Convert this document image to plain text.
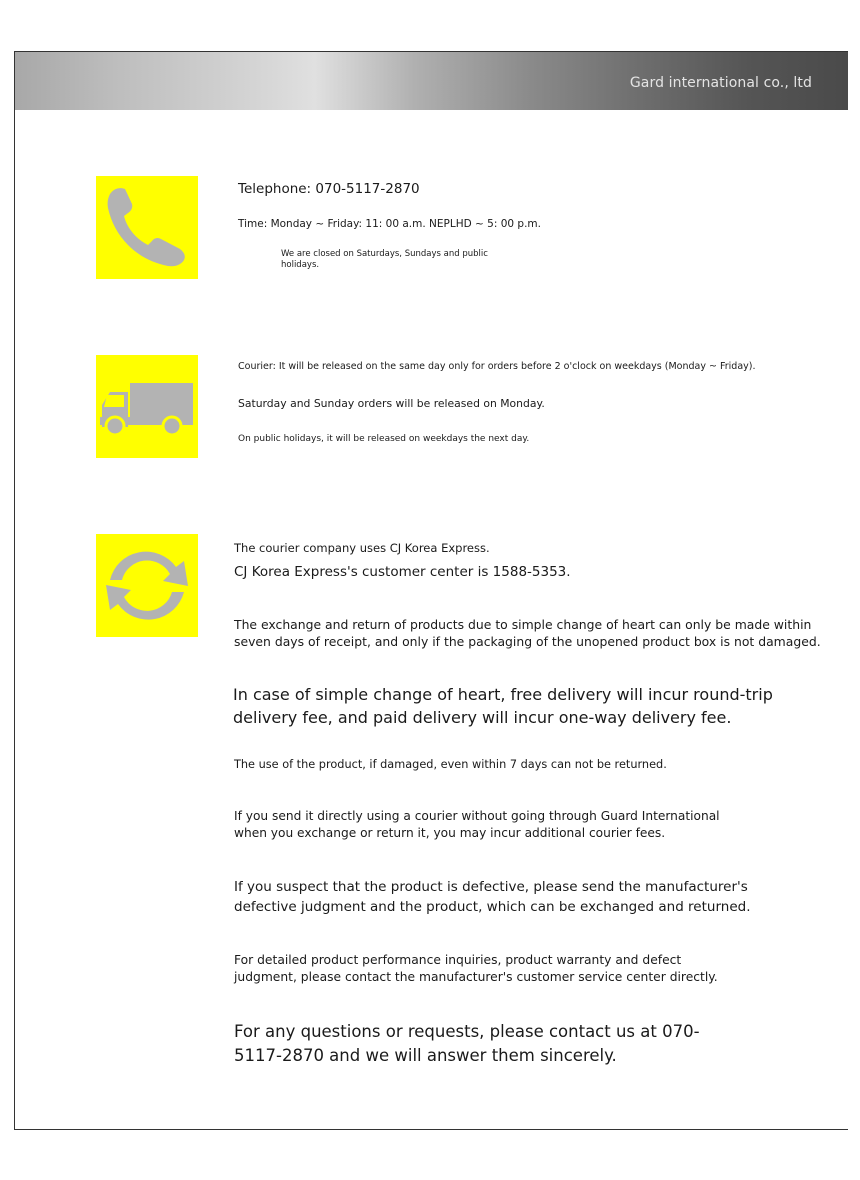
Gard international co., ltd

Telephone: 070-5117-2870

Time: Monday ~ Friday: 11: 00 a.m. NEPLHD ~ 5: 00 p.m.

We are closed on Saturdays, Sundays and public holidays.

Courier: It will be released on the same day only for orders before 2 o'clock on weekdays (Monday ~ Friday).

Saturday and Sunday orders will be released on Monday.

On public holidays, it will be released on weekdays the next day.

The courier company uses CJ Korea Express.

CJ Korea Express's customer center is 1588-5353.

The exchange and return of products due to simple change of heart can only be made within seven days of receipt, and only if the packaging of the unopened product box is not damaged.

In case of simple change of heart, free delivery will incur round-trip delivery fee, and paid delivery will incur one-way delivery fee.

The use of the product, if damaged, even within 7 days can not be returned.

If you send it directly using a courier without going through Guard International when you exchange or return it, you may incur additional courier fees.

If you suspect that the product is defective, please send the manufacturer's defective judgment and the product, which can be exchanged and returned.

For detailed product performance inquiries, product warranty and defect judgment, please contact the manufacturer's customer service center directly.

For any questions or requests, please contact us at 070-5117-2870 and we will answer them sincerely.
